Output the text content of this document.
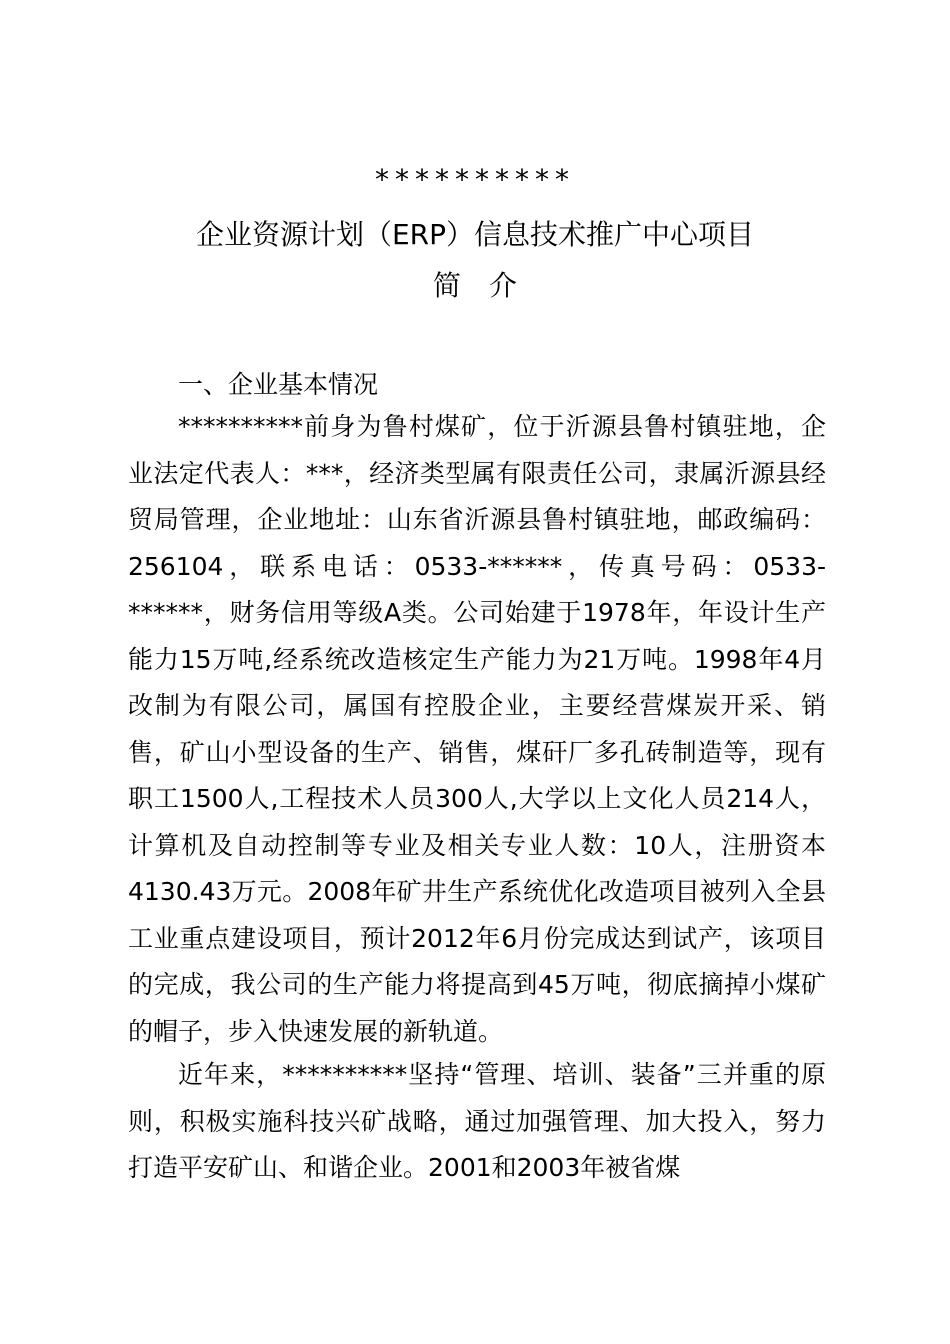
**********
企业资源计划（ERP）信息技术推广中心项目
简介
一、企业基本情况
**********前身为鲁村煤矿，位于沂源县鲁村镇驻地，企业法定代表人：***，经济类型属有限责任公司，隶属沂源县经贸局管理，企业地址：山东省沂源县鲁村镇驻地，邮政编码：256104，联系电话：0533-******，传真号码：0533-******，财务信用等级A类。公司始建于1978年，年设计生产能力15万吨,经系统改造核定生产能力为21万吨。1998年4月改制为有限公司，属国有控股企业，主要经营煤炭开采、销售，矿山小型设备的生产、销售，煤矸厂多孔砖制造等，现有职工1500人,工程技术人员300人,大学以上文化人员214人，计算机及自动控制等专业及相关专业人数：10人，注册资本4130.43万元。2008年矿井生产系统优化改造项目被列入全县工业重点建设项目，预计2012年6月份完成达到试产，该项目的完成，我公司的生产能力将提高到45万吨，彻底摘掉小煤矿的帽子，步入快速发展的新轨道。
近年来，**********坚持“管理、培训、装备”三并重的原则，积极实施科技兴矿战略，通过加强管理、加大投入，努力打造平安矿山、和谐企业。2001和2003年被省煤
